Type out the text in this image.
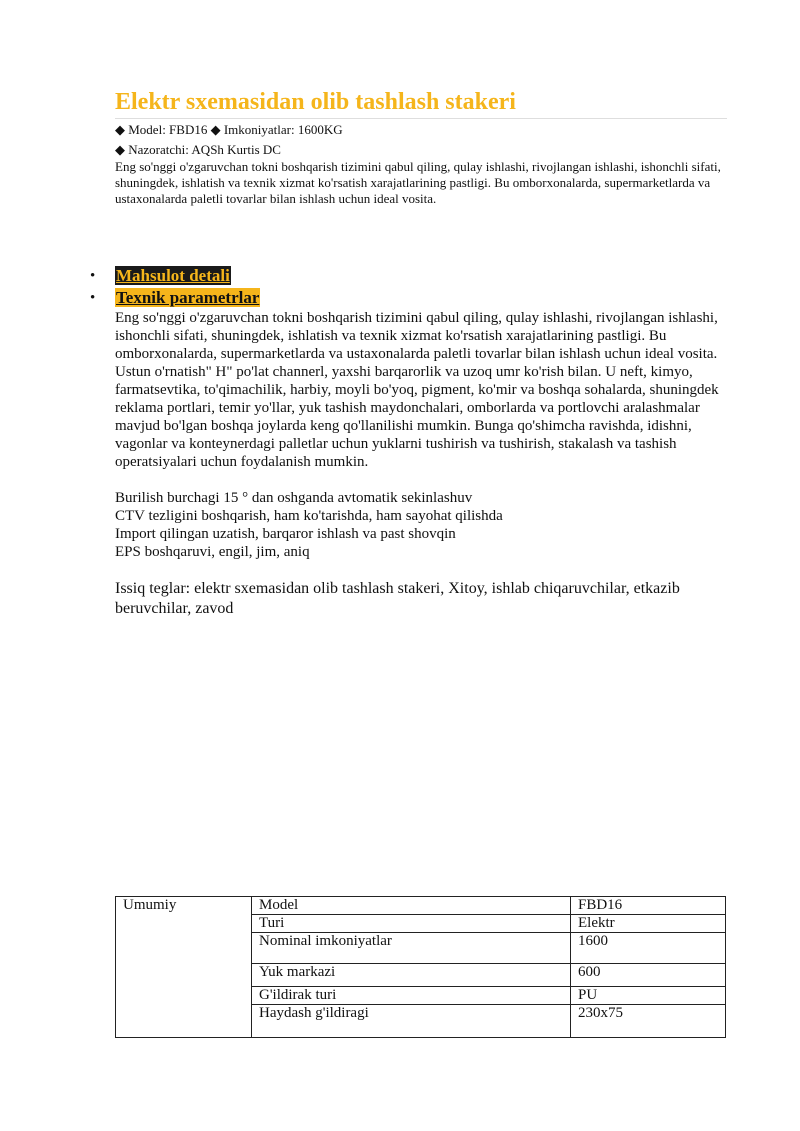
Elektr sxemasidan olib tashlash stakeri

◆ Model: FBD16 ◆ Imkoniyatlar: 1600KG

◆ Nazoratchi: AQSh Kurtis DC

Eng so'nggi o'zgaruvchan tokni boshqarish tizimini qabul qiling, qulay ishlashi, rivojlangan ishlashi, ishonchli sifati, shuningdek, ishlatish va texnik xizmat ko'rsatish xarajatlarining pastligi. Bu omborxonalarda, supermarketlarda va ustaxonalarda paletli tovarlar bilan ishlash uchun ideal vosita.

• Mahsulot detali
• Texnik parametrlar

Eng so'nggi o'zgaruvchan tokni boshqarish tizimini qabul qiling, qulay ishlashi, rivojlangan ishlashi, ishonchli sifati, shuningdek, ishlatish va texnik xizmat ko'rsatish xarajatlarining pastligi. Bu omborxonalarda, supermarketlarda va ustaxonalarda paletli tovarlar bilan ishlash uchun ideal vosita. Ustun o'rnatish" H" po'lat channerl, yaxshi barqarorlik va uzoq umr ko'rish bilan. U neft, kimyo, farmatsevtika, to'qimachilik, harbiy, moyli bo'yoq, pigment, ko'mir va boshqa sohalarda, shuningdek reklama portlari, temir yo'llar, yuk tashish maydonchalari, omborlarda va portlovchi aralashmalar mavjud bo'lgan boshqa joylarda keng qo'llanilishi mumkin. Bunga qo'shimcha ravishda, idishni, vagonlar va konteynerdagi palletlar uchun yuklarni tushirish va tushirish, stakalash va tashish operatsiyalari uchun foydalanish mumkin.

Burilish burchagi 15 ° dan oshganda avtomatik sekinlashuv
CTV tezligini boshqarish, ham ko'tarishda, ham sayohat qilishda
Import qilingan uzatish, barqaror ishlash va past shovqin
EPS boshqaruvi, engil, jim, aniq
Issiq teglar: elektr sxemasidan olib tashlash stakeri, Xitoy, ishlab chiqaruvchilar, etkazib beruvchilar, zavod
Umumiy	Model	FBD16
	Turi	Elektr
	Nominal imkoniyatlar	1600
	Yuk markazi	600
	G'ildirak turi	PU
	Haydash g'ildiragi	230x75
